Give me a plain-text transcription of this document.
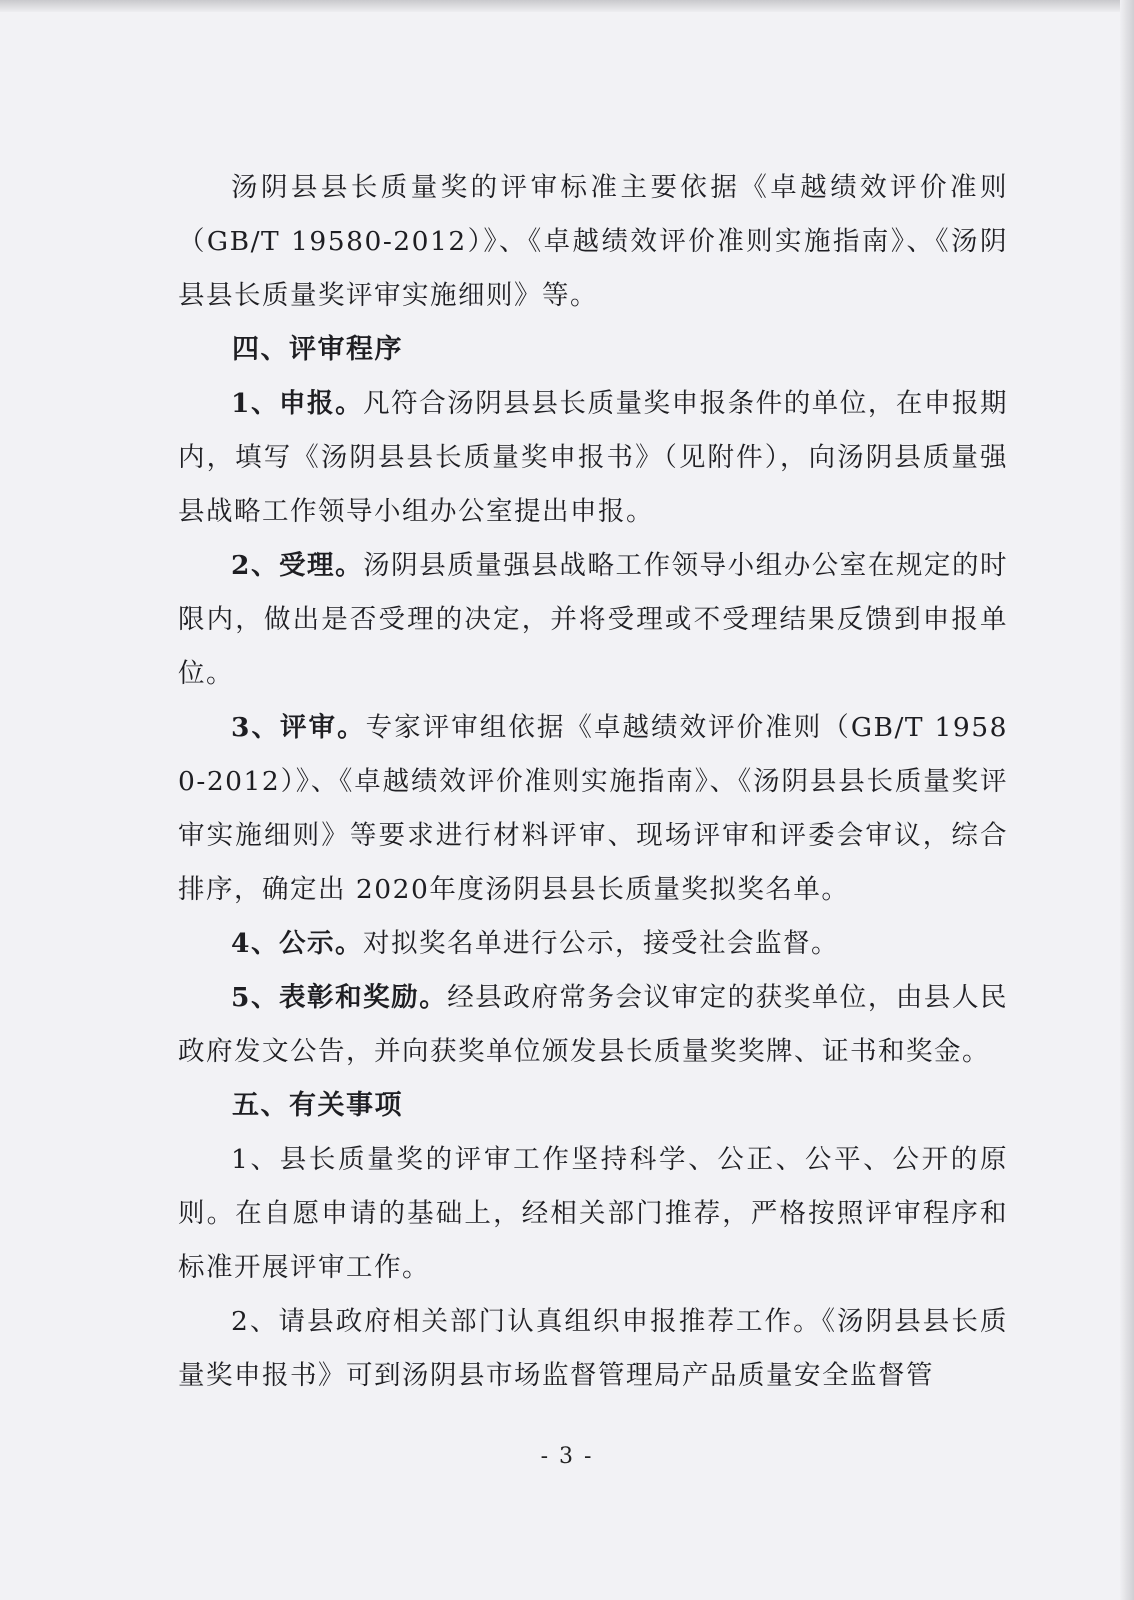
汤阴县县长质量奖的评审标准主要依据《卓越绩效评价准则（GB/T 19580-2012）》、《卓越绩效评价准则实施指南》、《汤阴县县长质量奖评审实施细则》等。

四、评审程序

1、申报。凡符合汤阴县县长质量奖申报条件的单位，在申报期内，填写《汤阴县县长质量奖申报书》（见附件），向汤阴县质量强县战略工作领导小组办公室提出申报。

2、受理。汤阴县质量强县战略工作领导小组办公室在规定的时限内，做出是否受理的决定，并将受理或不受理结果反馈到申报单位。

3、评审。专家评审组依据《卓越绩效评价准则（GB/T 19580-2012）》、《卓越绩效评价准则实施指南》、《汤阴县县长质量奖评审实施细则》等要求进行材料评审、现场评审和评委会审议，综合排序，确定出 2020年度汤阴县县长质量奖拟奖名单。

4、公示。对拟奖名单进行公示，接受社会监督。

5、表彰和奖励。经县政府常务会议审定的获奖单位，由县人民政府发文公告，并向获奖单位颁发县长质量奖奖牌、证书和奖金。

五、有关事项

1、县长质量奖的评审工作坚持科学、公正、公平、公开的原则。在自愿申请的基础上，经相关部门推荐，严格按照评审程序和标准开展评审工作。

2、请县政府相关部门认真组织申报推荐工作。《汤阴县县长质量奖申报书》可到汤阴县市场监督管理局产品质量安全监督管

- 3 -
